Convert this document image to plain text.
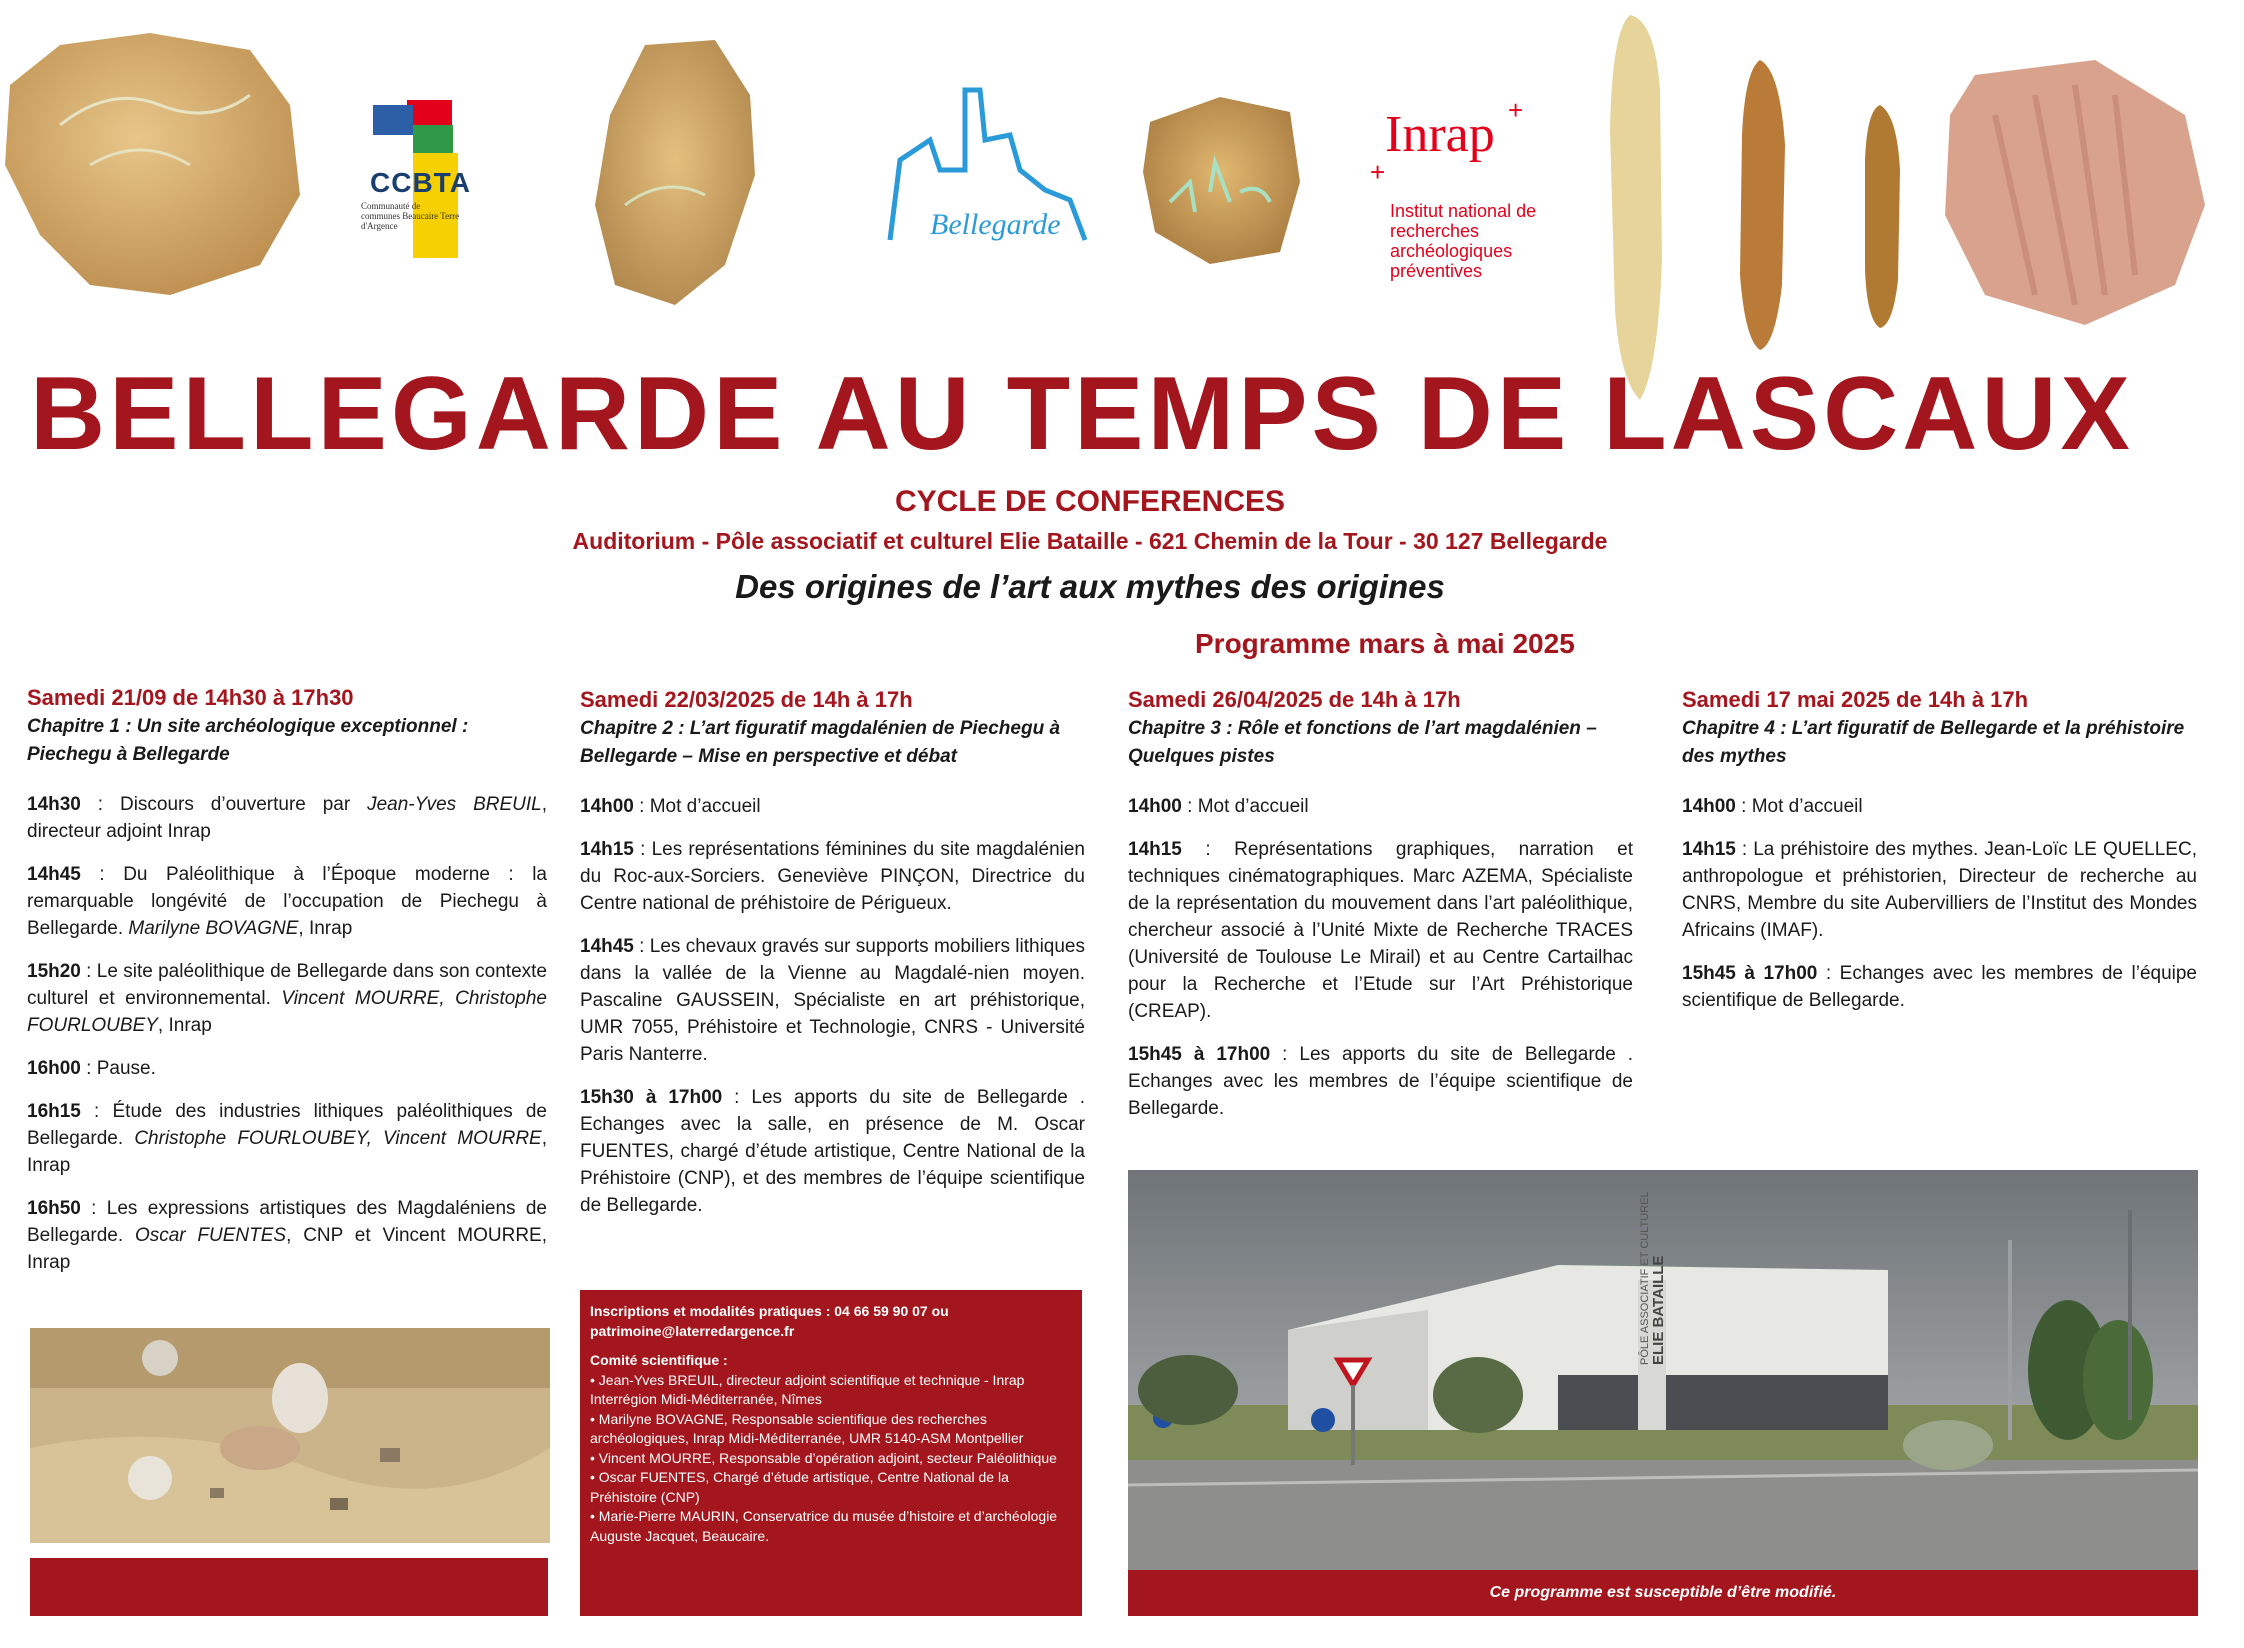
CCBTA
Communauté de communes Beaucaire Terre d'Argence	Bellegarde
Inrap +
+
Institut national de recherches archéologiques préventives
BELLEGARDE AU TEMPS DE LASCAUX
CYCLE DE CONFERENCES
Auditorium - Pôle associatif et culturel Elie Bataille - 621 Chemin de la Tour - 30 127 Bellegarde
Des origines de l’art aux mythes des origines
Programme mars à mai 2025
Samedi 21/09 de 14h30 à 17h30
Chapitre 1 : Un site archéologique exceptionnel : Piechegu à Bellegarde
14h30 : Discours d’ouverture par Jean-Yves BREUIL, directeur adjoint Inrap
14h45 : Du Paléolithique à l’Époque moderne : la remarquable longévité de l’occupation de Piechegu à Bellegarde. Marilyne BOVAGNE, Inrap
15h20 : Le site paléolithique de Bellegarde dans son contexte culturel et environnemental. Vincent MOURRE, Christophe FOURLOUBEY, Inrap
16h00 : Pause.
16h15 : Étude des industries lithiques paléolithiques de Bellegarde. Christophe FOURLOUBEY, Vincent MOURRE, Inrap
16h50 : Les expressions artistiques des Magdaléniens de Bellegarde. Oscar FUENTES, CNP et Vincent MOURRE, Inrap
Samedi 22/03/2025 de 14h à 17h
Chapitre 2 : L’art figuratif magdalénien de Piechegu à Bellegarde – Mise en perspective et débat
14h00 : Mot d’accueil
14h15 : Les représentations féminines du site magdalénien du Roc-aux-Sorciers. Geneviève PINÇON, Directrice du Centre national de préhistoire de Périgueux.
14h45 : Les chevaux gravés sur supports mobiliers lithiques dans la vallée de la Vienne au Magdalé-nien moyen. Pascaline GAUSSEIN, Spécialiste en art préhistorique, UMR 7055, Préhistoire et Technologie, CNRS - Université Paris Nanterre.
15h30 à 17h00 : Les apports du site de Bellegarde . Echanges avec la salle, en présence de M. Oscar FUENTES, chargé d’étude artistique, Centre National de la Préhistoire (CNP), et des membres de l’équipe scientifique de Bellegarde.
Samedi 26/04/2025 de 14h à 17h
Chapitre 3 : Rôle et fonctions de l’art magdalénien – Quelques pistes
14h00 : Mot d’accueil
14h15 : Représentations graphiques, narration et techniques cinématographiques. Marc AZEMA, Spécialiste de la représentation du mouvement dans l’art paléolithique, chercheur associé à l’Unité Mixte de Recherche TRACES (Université de Toulouse Le Mirail) et au Centre Cartailhac pour la Recherche et l’Etude sur l’Art Préhistorique (CREAP).
15h45 à 17h00 : Les apports du site de Bellegarde . Echanges avec les membres de l’équipe scientifique de Bellegarde.
Samedi 17 mai 2025 de 14h à 17h
Chapitre 4 : L’art figuratif de Bellegarde et la préhistoire des mythes
14h00 : Mot d’accueil
14h15 : La préhistoire des mythes. Jean-Loïc LE QUELLEC, anthropologue et préhistorien, Directeur de recherche au CNRS, Membre du site Aubervilliers de l’Institut des Mondes Africains (IMAF).
15h45 à 17h00 : Echanges avec les membres de l’équipe scientifique de Bellegarde.
Inscriptions et modalités pratiques : 04 66 59 90 07 ou patrimoine@laterredargence.fr
Comité scientifique :
• Jean-Yves BREUIL, directeur adjoint scientifique et technique - Inrap Interrégion Midi-Méditerranée, Nîmes
• Marilyne BOVAGNE, Responsable scientifique des recherches archéologiques, Inrap Midi-Méditerranée, UMR 5140-ASM Montpellier
• Vincent MOURRE, Responsable d’opération adjoint, secteur Paléolithique
• Oscar FUENTES, Chargé d’étude artistique, Centre National de la Préhistoire (CNP)
• Marie-Pierre MAURIN, Conservatrice du musée d’histoire et d’archéologie Auguste Jacquet, Beaucaire.
PÔLE ASSOCIATIF ET CULTUREL ELIE BATAILLE
Ce programme est susceptible d’être modifié.
